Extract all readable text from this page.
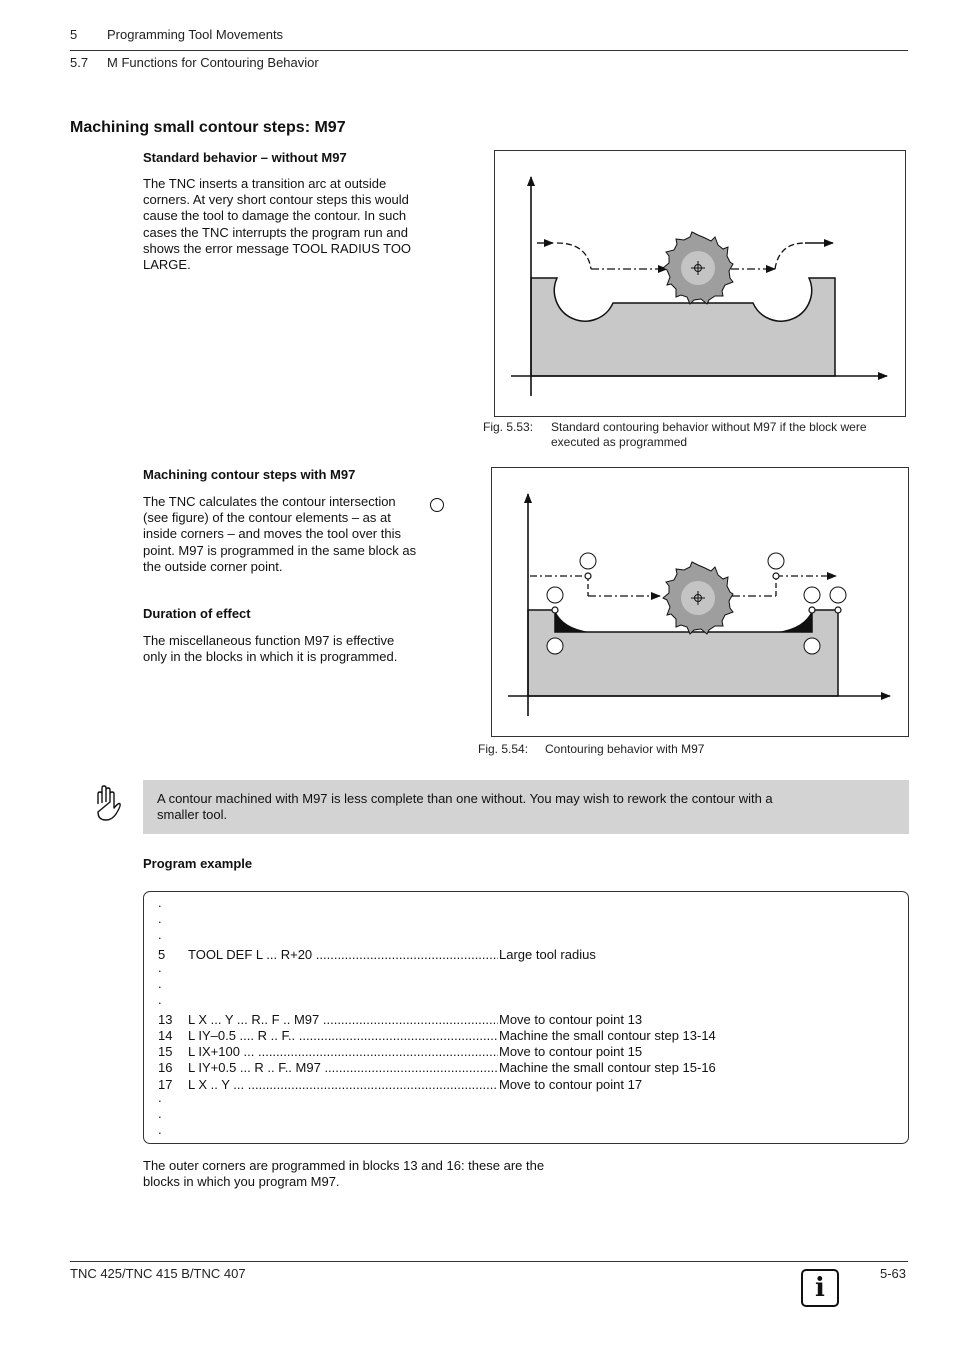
5 Programming Tool Movements
5.7 M Functions for Contouring Behavior
Machining small contour steps: M97
Standard behavior – without M97
The TNC inserts a transition arc at outside
corners. At very short contour steps this would
cause the tool to damage the contour. In such
cases the TNC interrupts the program run and
shows the error message TOOL RADIUS TOO
LARGE.
Fig. 5.53: Standard contouring behavior without M97 if the block were
executed as programmed
Machining contour steps with M97
The TNC calculates the contour intersection
(see figure) of the contour elements – as at
inside corners – and moves the tool over this
point. M97 is programmed in the same block as
the outside corner point.
Duration of effect
The miscellaneous function M97 is effective
only in the blocks in which it is programmed.
Fig. 5.54: Contouring behavior with M97
A contour machined with M97 is less complete than one without. You may wish to rework the contour with a
smaller tool.
Program example
.
.
.
5 TOOL DEF L ... R+20 .....	Large tool radius
.
.
.
13 L X ... Y ... R.. F .. M97 .....	Move to contour point 13
14 L IY–0.5 .... R .. F.. .....	Machine the small contour step 13-14
15 L IX+100 ... .....	Move to contour point 15
16 L IY+0.5 ... R .. F.. M97 .....	Machine the small contour step 15-16
17 L X .. Y ... .....	Move to contour point 17
.
.
.
The outer corners are programmed in blocks 13 and 16: these are the
blocks in which you program M97.
TNC 425/TNC 415 B/TNC 407	5-63
i
